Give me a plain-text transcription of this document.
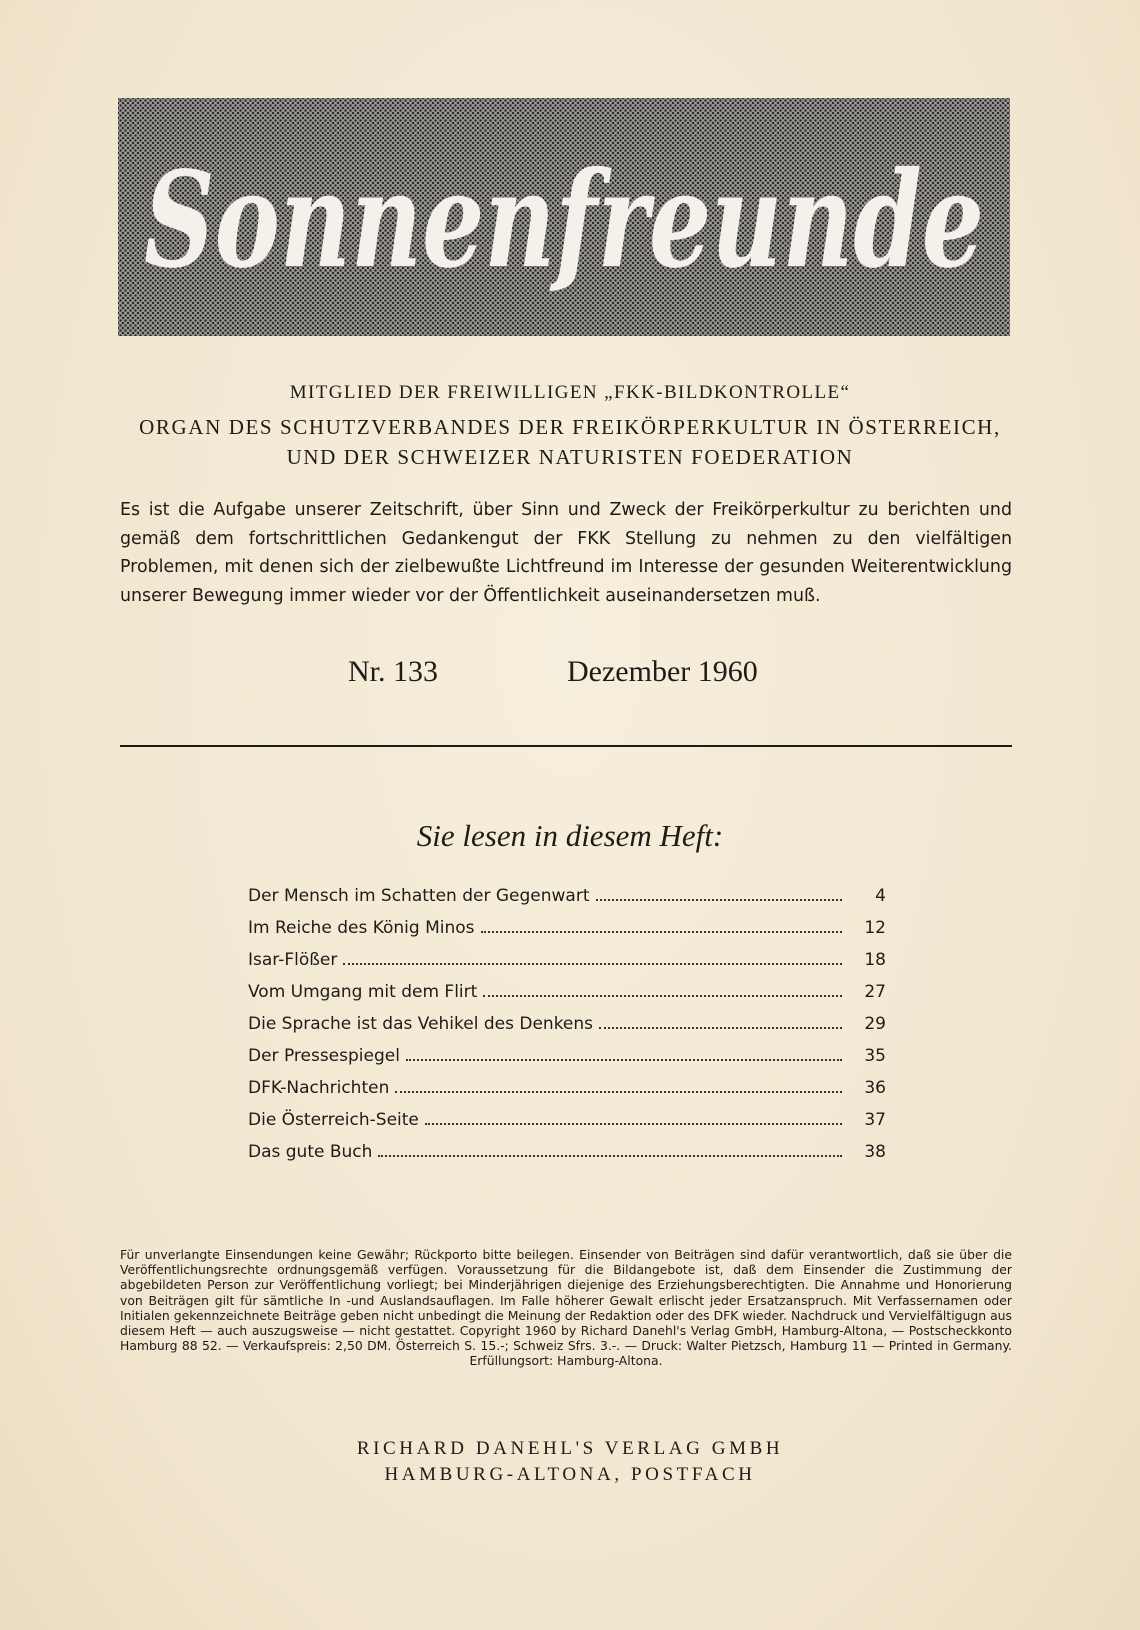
Sonnenfreunde
MITGLIED DER FREIWILLIGEN „FKK-BILDKONTROLLE“
ORGAN DES SCHUTZVERBANDES DER FREIKÖRPERKULTUR IN ÖSTERREICH,
UND DER SCHWEIZER NATURISTEN FOEDERATION
Es ist die Aufgabe unserer Zeitschrift, über Sinn und Zweck der Freikörperkultur zu berichten und gemäß dem fortschrittlichen Gedankengut der FKK Stellung zu nehmen zu den vielfältigen Problemen, mit denen sich der zielbewußte Lichtfreund im Interesse der gesunden Weiterentwicklung unserer Bewegung immer wieder vor der Öffentlichkeit auseinandersetzen muß.
Nr. 133	Dezember 1960
Sie lesen in diesem Heft:
Der Mensch im Schatten der Gegenwart	4
Im Reiche des König Minos	12
Isar-Flößer	18
Vom Umgang mit dem Flirt	27
Die Sprache ist das Vehikel des Denkens	29
Der Pressespiegel	35
DFK-Nachrichten	36
Die Österreich-Seite	37
Das gute Buch	38
Für unverlangte Einsendungen keine Gewähr; Rückporto bitte beilegen. Einsender von Beiträgen sind dafür verantwortlich, daß sie über die Veröffentlichungsrechte ordnungsgemäß verfügen. Voraussetzung für die Bildangebote ist, daß dem Einsender die Zustimmung der abgebildeten Person zur Veröffentlichung vorliegt; bei Minderjährigen diejenige des Erziehungsberechtigten. Die Annahme und Honorierung von Beiträgen gilt für sämtliche In -und Auslandsauflagen. Im Falle höherer Gewalt erlischt jeder Ersatzanspruch. Mit Verfassernamen oder Initialen gekennzeichnete Beiträge geben nicht unbedingt die Meinung der Redaktion oder des DFK wieder. Nachdruck und Vervielfältigugn aus diesem Heft — auch auszugsweise — nicht gestattet. Copyright 1960 by Richard Danehl's Verlag GmbH, Hamburg-Altona, — Postscheckkonto Hamburg 88 52. — Verkaufspreis: 2,50 DM. Österreich S. 15.-; Schweiz Sfrs. 3.-. — Druck: Walter Pietzsch, Hamburg 11 — Printed in Germany. Erfüllungsort: Hamburg-Altona.
RICHARD DANEHL'S VERLAG GMBH
HAMBURG-ALTONA, POSTFACH
